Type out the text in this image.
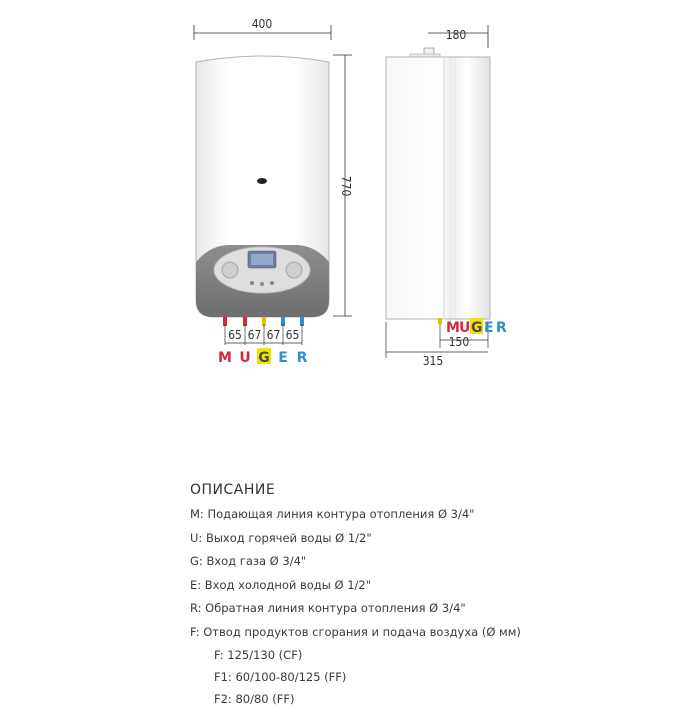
400
770
65 67 67 65
M U G E R
180
150
315
M U G E R
ОПИСАНИЕ
M: Подающая линия контура отопления Ø 3/4"
U: Выход горячей воды Ø 1/2"
G: Вход газа Ø 3/4"
E: Вход холодной воды Ø 1/2"
R: Обратная линия контура отопления Ø 3/4"
F: Отвод продуктов сгорания и подача воздуха (Ø мм)
F: 125/130 (CF)
F1: 60/100-80/125 (FF)
F2: 80/80 (FF)
